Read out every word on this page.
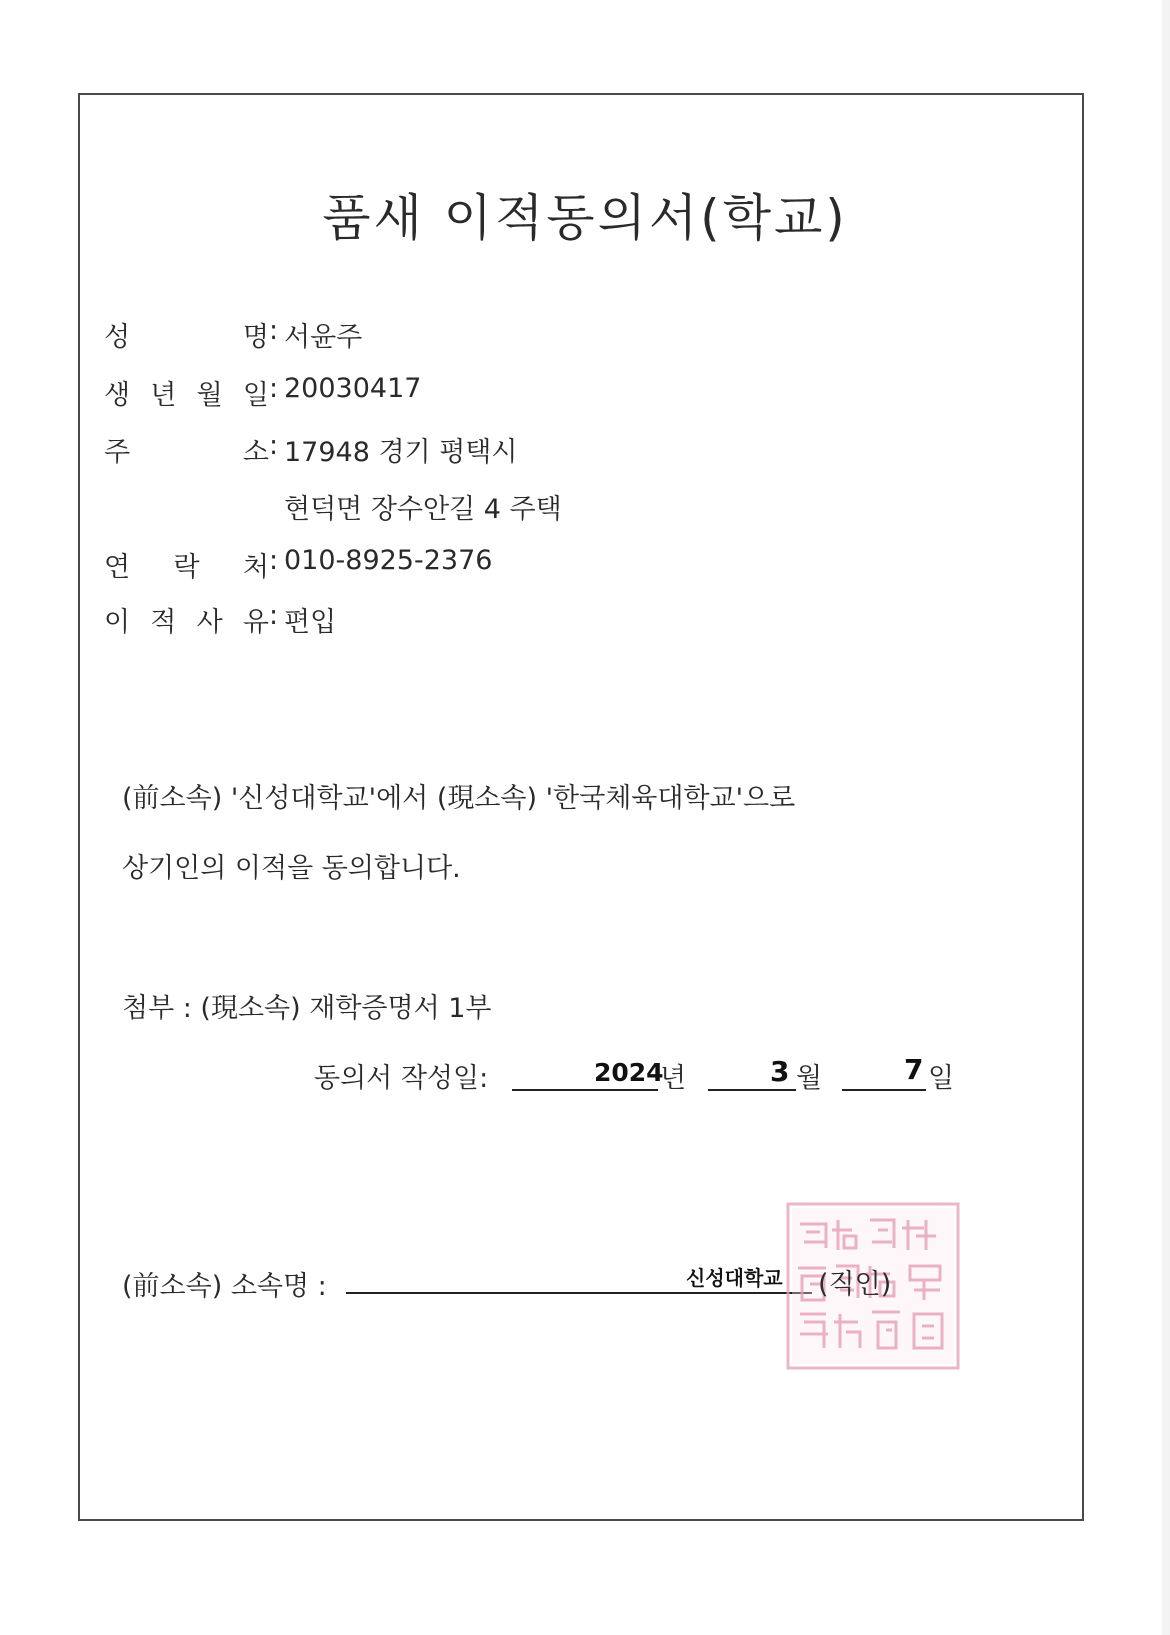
품새 이적동의서(학교)
성	명 : 서윤주
생 년 월 일 : 20030417
주	소 : 17948 경기 평택시
현덕면 장수안길 4 주택
연 락 처 : 010-8925-2376
이 적 사 유 : 편입
(前소속) '신성대학교'에서 (現소속) '한국체육대학교'으로
상기인의 이적을 동의합니다.
첨부 : (現소속) 재학증명서 1부
동의서 작성일:	2024
년	3 월	7 일
(前소속) 소속명 :	신성대학교 (직인)
